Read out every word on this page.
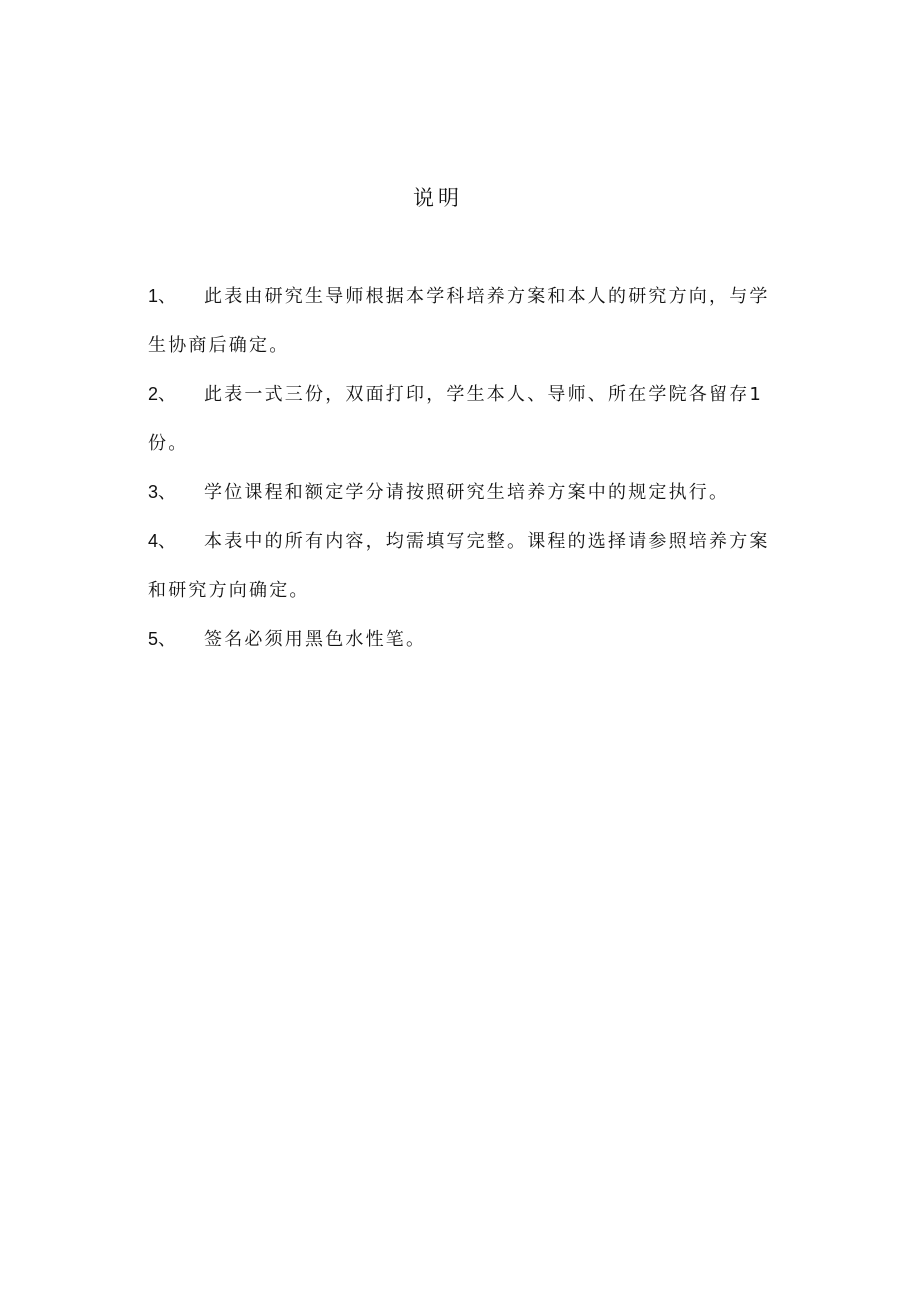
说明
1、	此表由研究生导师根据本学科培养方案和本人的研究方向，与学生协商后确定。
2、	此表一式三份，双面打印，学生本人、导师、所在学院各留存1份。
3、	学位课程和额定学分请按照研究生培养方案中的规定执行。
4、	本表中的所有内容，均需填写完整。课程的选择请参照培养方案和研究方向确定。
5、	签名必须用黑色水性笔。
